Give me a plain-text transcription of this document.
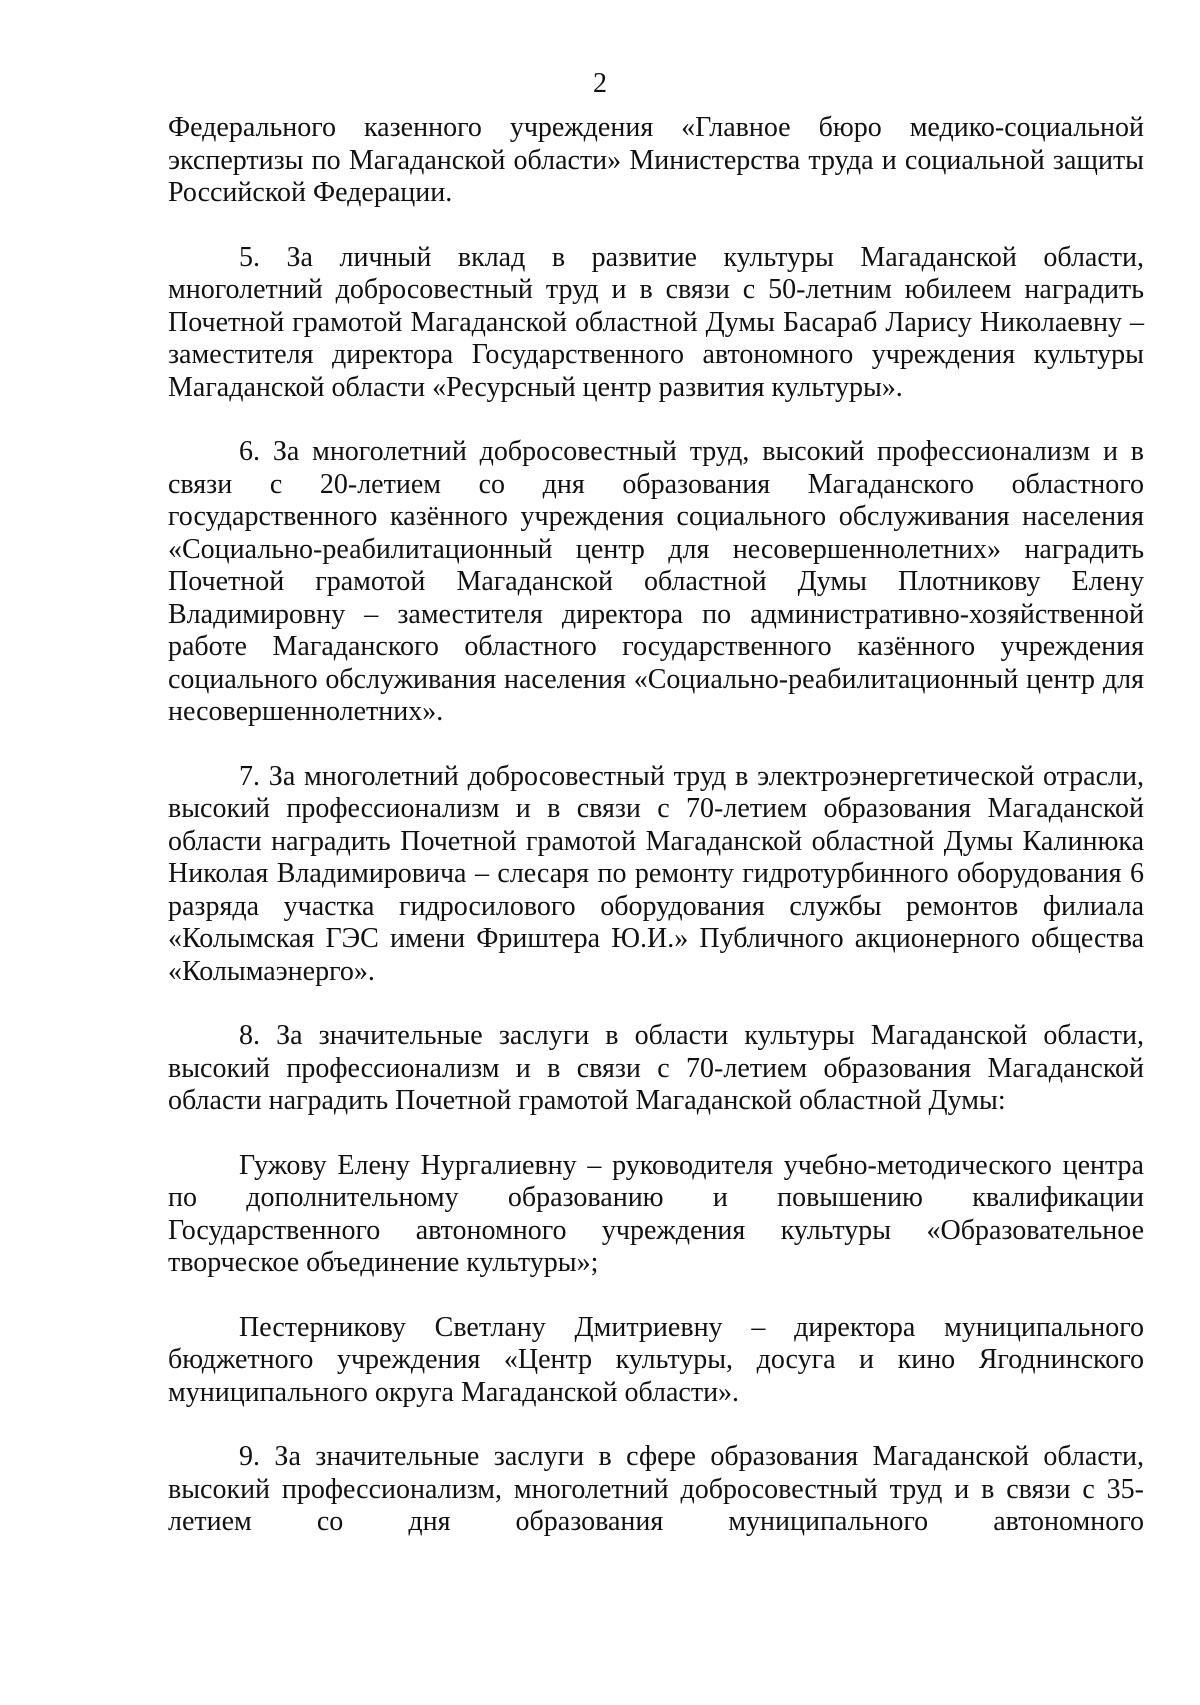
2

Федерального казенного учреждения «Главное бюро медико-социальной экспертизы по Магаданской области» Министерства труда и социальной защиты Российской Федерации.

5. За личный вклад в развитие культуры Магаданской области, многолетний добросовестный труд и в связи с 50-летним юбилеем наградить Почетной грамотой Магаданской областной Думы Басараб Ларису Николаевну – заместителя директора Государственного автономного учреждения культуры Магаданской области «Ресурсный центр развития культуры».

6. За многолетний добросовестный труд, высокий профессионализм и в связи с 20-летием со дня образования Магаданского областного государственного казённого учреждения социального обслуживания населения «Социально-реабилитационный центр для несовершеннолетних» наградить Почетной грамотой Магаданской областной Думы Плотникову Елену Владимировну – заместителя директора по административно-хозяйственной работе Магаданского областного государственного казённого учреждения социального обслуживания населения «Социально-реабилитационный центр для несовершеннолетних».

7. За многолетний добросовестный труд в электроэнергетической отрасли, высокий профессионализм и в связи с 70-летием образования Магаданской области наградить Почетной грамотой Магаданской областной Думы Калинюка Николая Владимировича – слесаря по ремонту гидротурбинного оборудования 6 разряда участка гидросилового оборудования службы ремонтов филиала «Колымская ГЭС имени Фриштера Ю.И.» Публичного акционерного общества «Колымаэнерго».

8. За значительные заслуги в области культуры Магаданской области, высокий профессионализм и в связи с 70-летием образования Магаданской области наградить Почетной грамотой Магаданской областной Думы:

Гужову Елену Нургалиевну – руководителя учебно-методического центра по дополнительному образованию и повышению квалификации Государственного автономного учреждения культуры «Образовательное творческое объединение культуры»;

Пестерникову Светлану Дмитриевну – директора муниципального бюджетного учреждения «Центр культуры, досуга и кино Ягоднинского муниципального округа Магаданской области».

9. За значительные заслуги в сфере образования Магаданской области, высокий профессионализм, многолетний добросовестный труд и в связи с 35-летием со дня образования муниципального автономного
